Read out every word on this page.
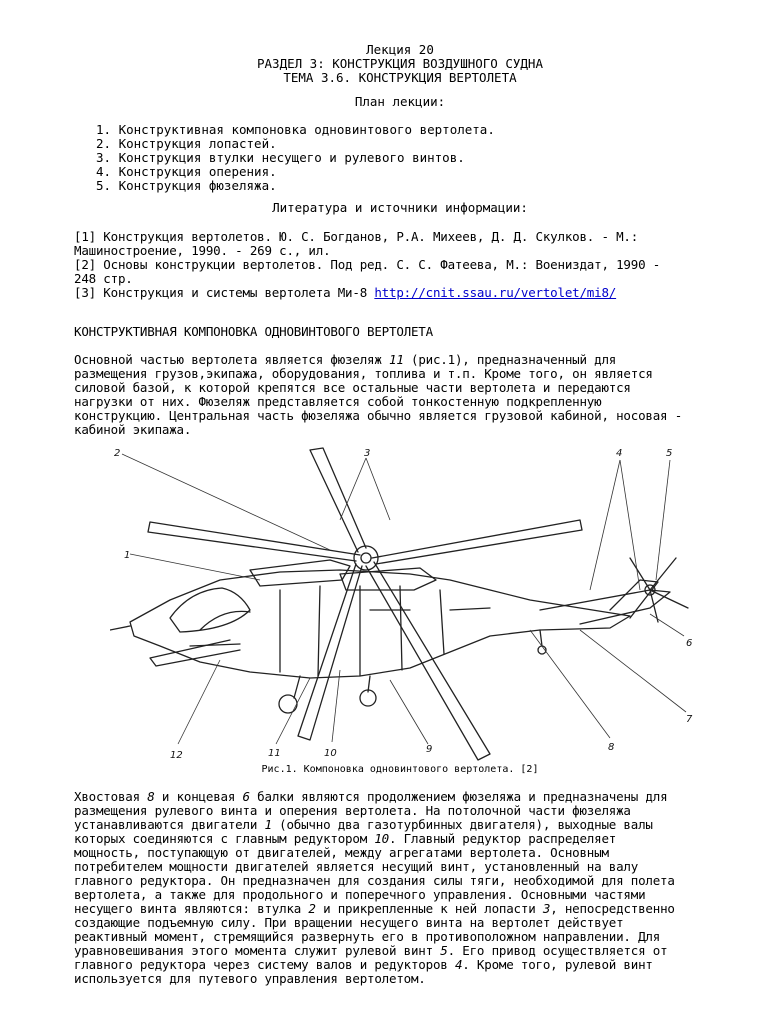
Лекция 20
РАЗДЕЛ 3: КОНСТРУКЦИЯ ВОЗДУШНОГО СУДНА
ТЕМА 3.6. КОНСТРУКЦИЯ ВЕРТОЛЕТА
План лекции:
1. Конструктивная компоновка одновинтового вертолета.
2. Конструкция лопастей.
3. Конструкция втулки несущего и рулевого винтов.
4. Конструкция оперения.
5. Конструкция фюзеляжа.
Литература и источники информации:
[1] Конструкция вертолетов. Ю. С. Богданов, Р.А. Михеев, Д. Д. Скулков. - М.:
Машиностроение, 1990. - 269 с., ил.
[2] Основы конструкции вертолетов. Под ред. С. С. Фатеева, М.: Воениздат, 1990 -
248 стр.
[3] Конструкция и системы вертолета Ми-8 http://cnit.ssau.ru/vertolet/mi8/
КОНСТРУКТИВНАЯ КОМПОНОВКА ОДНОВИНТОВОГО ВЕРТОЛЕТА
Основной частью вертолета является фюзеляж 11 (рис.1), предназначенный для
размещения грузов,экипажа, оборудования, топлива и т.п. Кроме того, он является
силовой базой, к которой крепятся все остальные части вертолета и передаются
нагрузки от них. Фюзеляж представляется собой тонкостенную подкрепленную
конструкцию. Центральная часть фюзеляжа обычно является грузовой кабиной, носовая -
кабиной экипажа.
1
2	3	4	5
6
7
8
9
10
11
12
Рис.1. Компоновка одновинтового вертолета. [2]
Хвостовая 8 и концевая 6 балки являются продолжением фюзеляжа и предназначены для
размещения рулевого винта и оперения вертолета. На потолочной части фюзеляжа
устанавливаются двигатели 1 (обычно два газотурбинных двигателя), выходные валы
которых соединяются с главным редуктором 10. Главный редуктор распределяет
мощность, поступающую от двигателей, между агрегатами вертолета. Основным
потребителем мощности двигателей является несущий винт, установленный на валу
главного редуктора. Он предназначен для создания силы тяги, необходимой для полета
вертолета, а также для продольного и поперечного управления. Основными частями
несущего винта являются: втулка 2 и прикрепленные к ней лопасти 3, непосредственно
создающие подъемную силу. При вращении несущего винта на вертолет действует
реактивный момент, стремящийся развернуть его в противоположном направлении. Для
уравновешивания этого момента служит рулевой винт 5. Его привод осуществляется от
главного редуктора через систему валов и редукторов 4. Кроме того, рулевой винт
используется для путевого управления вертолетом.
